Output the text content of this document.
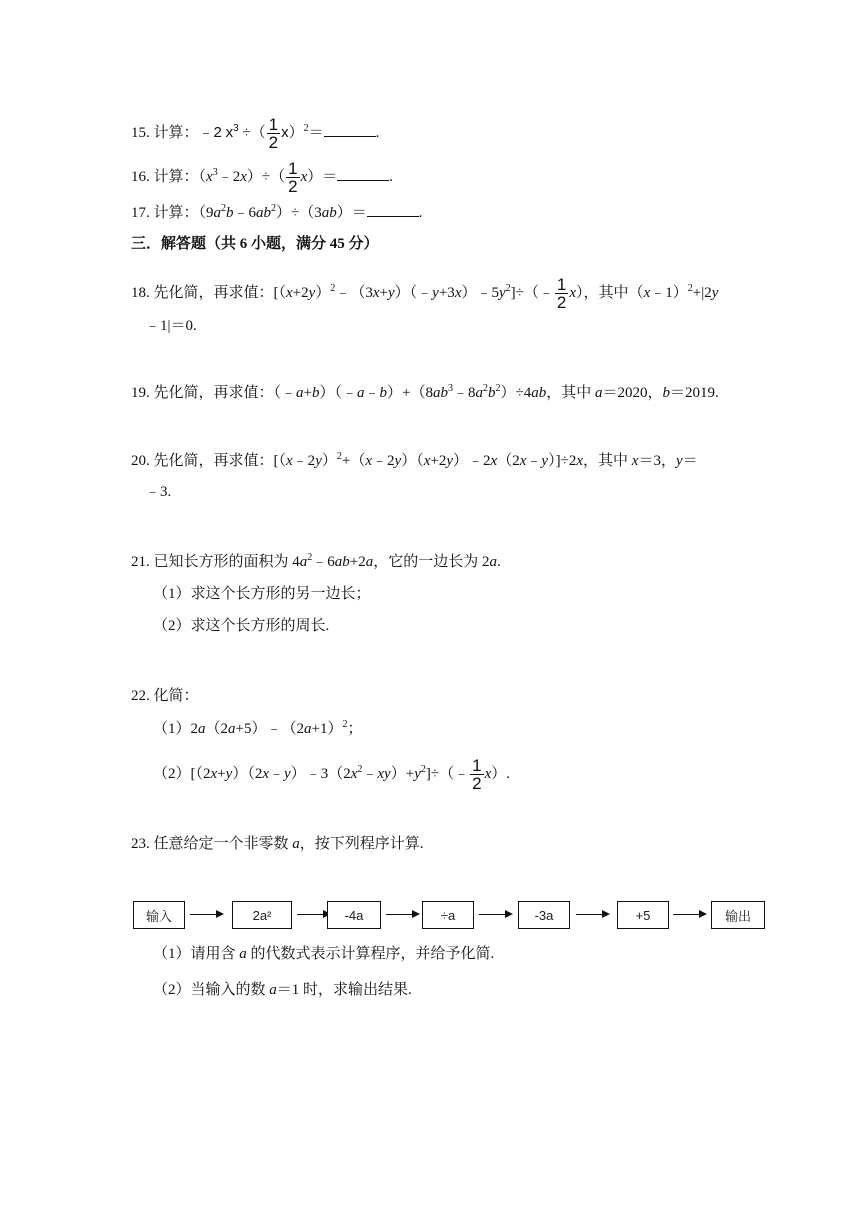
15. 计算：﹣2 $x^3$ ÷（ $\frac{1}{2} x)^2=$	.
16. 计算：$(x^3﹣2x)\div( \frac{1}{2} x)=$	.
17. 计算：$(9a^2b﹣6ab^2)\div(3ab)=$	.
三．解答题（共 6 小题，满分 45 分）
18. 先化简，再求值：$[(x+2y)^2﹣(3x+y)(﹣y+3x)﹣5y^2]\div(﹣ \frac{1}{2} x)$，其中（x﹣1）$^2$+|2y
﹣1|＝0.
19. 先化简，再求值：$(﹣a+b)(﹣a﹣b)+(8ab^3﹣8a^2b^2)\div 4ab$，其中 a＝2020，b＝2019.
20. 先化简，再求值：[（x﹣2y）$^2$+（x﹣2y）（x+2y）﹣2x（2x﹣y）]÷2x，其中 x＝3，y＝
﹣3.
21. 已知长方形的面积为 $4a^2﹣6ab+2a$，它的一边长为 2a.
（1）求这个长方形的另一边长；
（2）求这个长方形的周长.
22. 化简：
$(1)2a(2a+5)﹣(2a+1)^2$；
$(2)[(2x+y)(2x﹣y)﹣3(2x^2﹣xy)+y^2]\div(﹣ \frac{1}{2} x)$.
23. 任意给定一个非零数 a，按下列程序计算.
输入	2a²	-4a	÷a	-3a	+5	输出
（1）请用含 a 的代数式表示计算程序，并给予化简.
（2）当输入的数 a＝1 时，求输出结果.
